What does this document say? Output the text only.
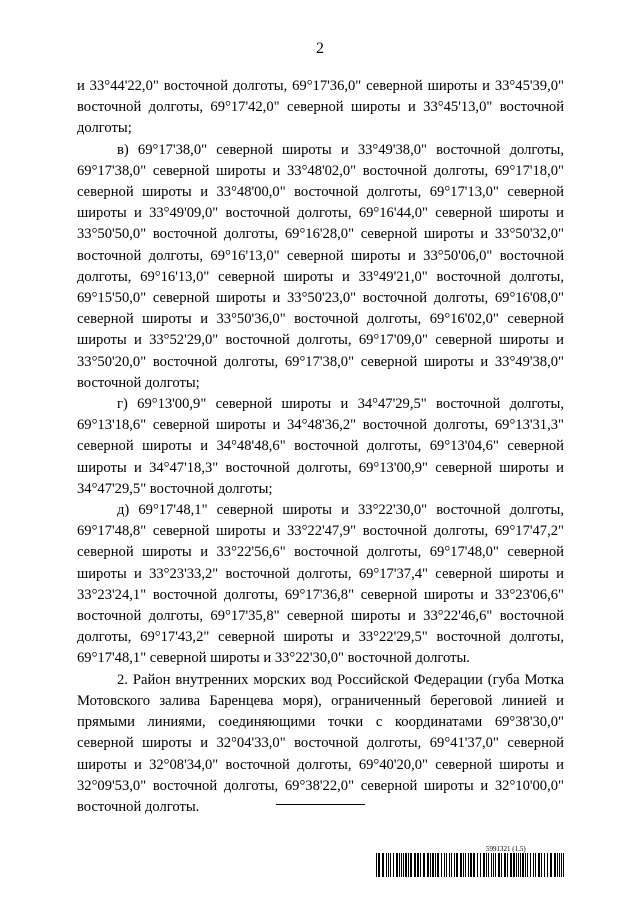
2

и 33°44'22,0" восточной долготы, 69°17'36,0" северной широты и 33°45'39,0" восточной долготы, 69°17'42,0" северной широты и 33°45'13,0" восточной долготы;

в) 69°17'38,0" северной широты и 33°49'38,0" восточной долготы, 69°17'38,0" северной широты и 33°48'02,0" восточной долготы, 69°17'18,0" северной широты и 33°48'00,0" восточной долготы, 69°17'13,0" северной широты и 33°49'09,0" восточной долготы, 69°16'44,0" северной широты и 33°50'50,0" восточной долготы, 69°16'28,0" северной широты и 33°50'32,0" восточной долготы, 69°16'13,0" северной широты и 33°50'06,0" восточной долготы, 69°16'13,0" северной широты и 33°49'21,0" восточной долготы, 69°15'50,0" северной широты и 33°50'23,0" восточной долготы, 69°16'08,0" северной широты и 33°50'36,0" восточной долготы, 69°16'02,0" северной широты и 33°52'29,0" восточной долготы, 69°17'09,0" северной широты и 33°50'20,0" восточной долготы, 69°17'38,0" северной широты и 33°49'38,0" восточной долготы;

г) 69°13'00,9" северной широты и 34°47'29,5" восточной долготы, 69°13'18,6" северной широты и 34°48'36,2" восточной долготы, 69°13'31,3" северной широты и 34°48'48,6" восточной долготы, 69°13'04,6" северной широты и 34°47'18,3" восточной долготы, 69°13'00,9" северной широты и 34°47'29,5" восточной долготы;

д) 69°17'48,1" северной широты и 33°22'30,0" восточной долготы, 69°17'48,8" северной широты и 33°22'47,9" восточной долготы, 69°17'47,2" северной широты и 33°22'56,6" восточной долготы, 69°17'48,0" северной широты и 33°23'33,2" восточной долготы, 69°17'37,4" северной широты и 33°23'24,1" восточной долготы, 69°17'36,8" северной широты и 33°23'06,6" восточной долготы, 69°17'35,8" северной широты и 33°22'46,6" восточной долготы, 69°17'43,2" северной широты и 33°22'29,5" восточной долготы, 69°17'48,1" северной широты и 33°22'30,0" восточной долготы.

2. Район внутренних морских вод Российской Федерации (губа Мотка Мотовского залива Баренцева моря), ограниченный береговой линией и прямыми линиями, соединяющими точки с координатами 69°38'30,0" северной широты и 32°04'33,0" восточной долготы, 69°41'37,0" северной широты и 32°08'34,0" восточной долготы, 69°40'20,0" северной широты и 32°09'53,0" восточной долготы, 69°38'22,0" северной широты и 32°10'00,0" восточной долготы.

5991321 (1.5)
